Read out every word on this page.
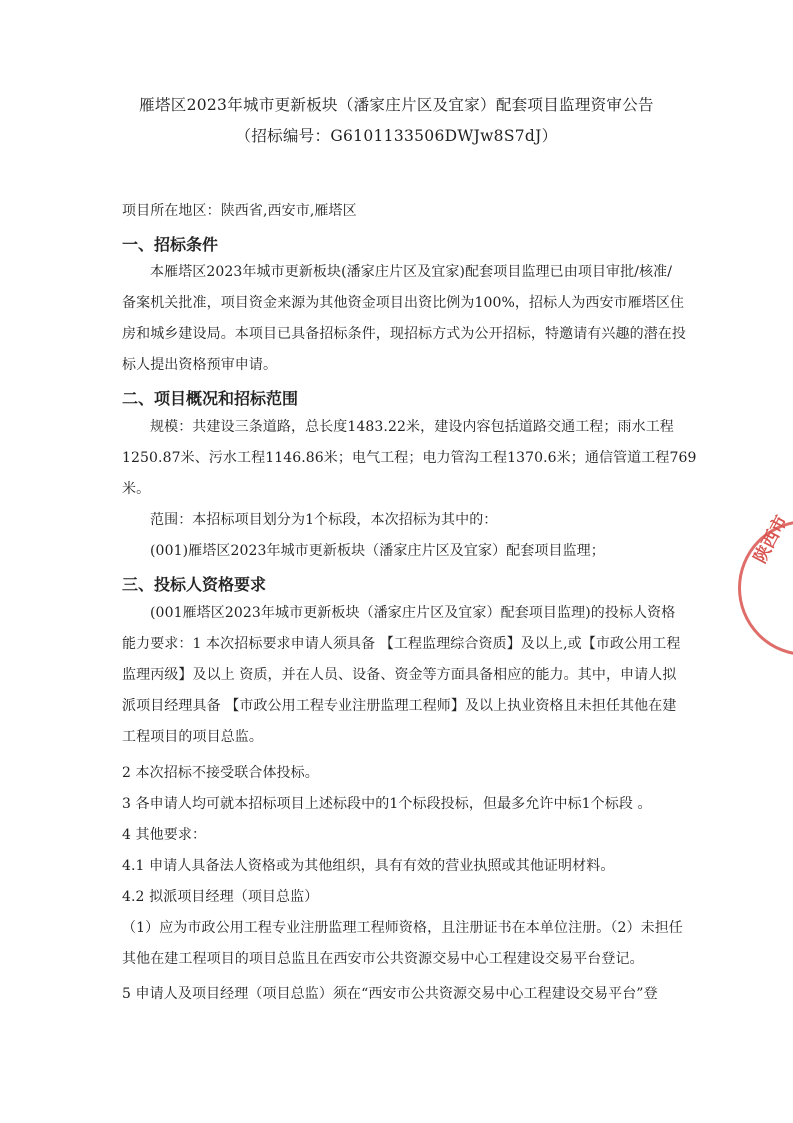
雁塔区2023年城市更新板块（潘家庄片区及宜家）配套项目监理资审公告
（招标编号：G6101133506DWJw8S7dJ）
项目所在地区：陕西省,西安市,雁塔区
一、招标条件
本雁塔区2023年城市更新板块(潘家庄片区及宜家)配套项目监理已由项目审批/核准/
备案机关批准，项目资金来源为其他资金项目出资比例为100%，招标人为西安市雁塔区住
房和城乡建设局。本项目已具备招标条件，现招标方式为公开招标，特邀请有兴趣的潜在投
标人提出资格预审申请。
二、项目概况和招标范围
规模：共建设三条道路，总长度1483.22米，建设内容包括道路交通工程；雨水工程
1250.87米、污水工程1146.86米；电气工程；电力管沟工程1370.6米；通信管道工程769
米。
范围：本招标项目划分为1个标段，本次招标为其中的：
(001)雁塔区2023年城市更新板块（潘家庄片区及宜家）配套项目监理；
三、投标人资格要求
(001雁塔区2023年城市更新板块（潘家庄片区及宜家）配套项目监理)的投标人资格
能力要求：1 本次招标要求申请人须具备 【工程监理综合资质】及以上,或【市政公用工程
监理丙级】及以上 资质，并在人员、设备、资金等方面具备相应的能力。其中，申请人拟
派项目经理具备 【市政公用工程专业注册监理工程师】及以上执业资格且未担任其他在建
工程项目的项目总监。
2 本次招标不接受联合体投标。
3 各申请人均可就本招标项目上述标段中的1个标段投标，但最多允许中标1个标段 。
4 其他要求：
4.1 申请人具备法人资格或为其他组织，具有有效的营业执照或其他证明材料。
4.2 拟派项目经理（项目总监）
（1）应为市政公用工程专业注册监理工程师资格，且注册证书在本单位注册。（2）未担任
其他在建工程项目的项目总监且在西安市公共资源交易中心工程建设交易平台登记。
5 申请人及项目经理（项目总监）须在“西安市公共资源交易中心工程建设交易平台”登
陕西市
